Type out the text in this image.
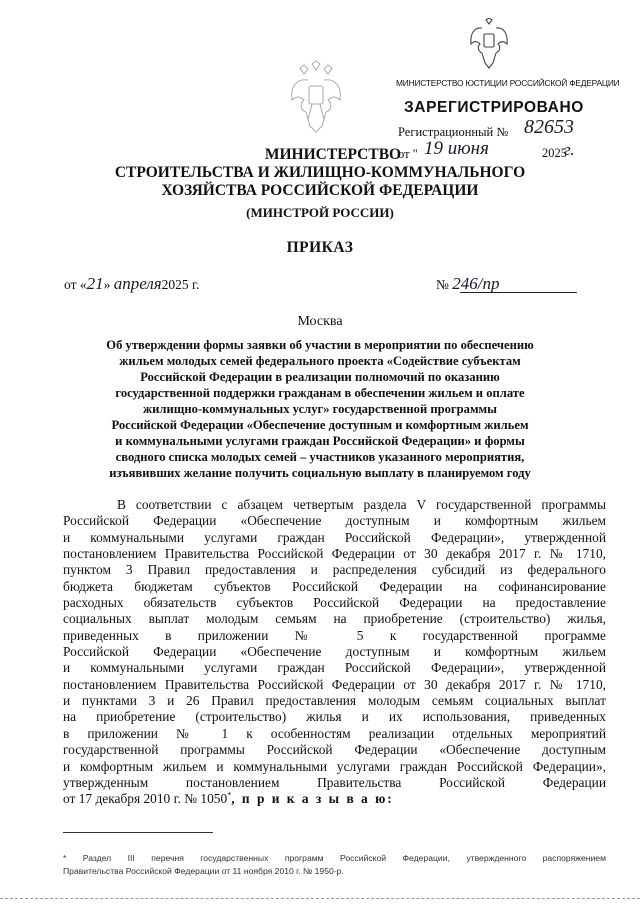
МИНИСТЕРСТВО ЮСТИЦИИ РОССИЙСКОЙ ФЕДЕРАЦИИ
ЗАРЕГИСТРИРОВАНО
Регистрационный № 82653
от " 19 июня	2025
г.
МИНИСТЕРСТВО
СТРОИТЕЛЬСТВА И ЖИЛИЩНО-КОММУНАЛЬНОГО
ХОЗЯЙСТВА РОССИЙСКОЙ ФЕДЕРАЦИИ
(МИНСТРОЙ РОССИИ)
ПРИКАЗ
от «21» апреля2025 г.	№ 246/пр
Москва
Об утверждении формы заявки об участии в мероприятии по обеспечению
жильем молодых семей федерального проекта «Содействие субъектам
Российской Федерации в реализации полномочий по оказанию
государственной поддержки гражданам в обеспечении жильем и оплате
жилищно-коммунальных услуг» государственной программы
Российской Федерации «Обеспечение доступным и комфортным жильем
и коммунальными услугами граждан Российской Федерации» и формы
сводного списка молодых семей – участников указанного мероприятия,
изъявивших желание получить социальную выплату в планируемом году
В соответствии с абзацем четвертым раздела V государственной программы
Российской Федерации «Обеспечение доступным и комфортным жильем
и коммунальными услугами граждан Российской Федерации», утвержденной
постановлением Правительства Российской Федерации от 30 декабря 2017 г. № 1710,
пунктом 3 Правил предоставления и распределения субсидий из федерального
бюджета бюджетам субъектов Российской Федерации на софинансирование
расходных обязательств субъектов Российской Федерации на предоставление
социальных выплат молодым семьям на приобретение (строительство) жилья,
приведенных в приложении № 5 к государственной программе
Российской Федерации «Обеспечение доступным и комфортным жильем
и коммунальными услугами граждан Российской Федерации», утвержденной
постановлением Правительства Российской Федерации от 30 декабря 2017 г. № 1710,
и пунктами 3 и 26 Правил предоставления молодым семьям социальных выплат
на приобретение (строительство) жилья и их использования, приведенных
в приложении № 1 к особенностям реализации отдельных мероприятий
государственной программы Российской Федерации «Обеспечение доступным
и комфортным жильем и коммунальными услугами граждан Российской Федерации»,
утвержденным постановлением Правительства Российской Федерации
от 17 декабря 2010 г. № 1050*, п р и к а з ы в а ю:
* Раздел III перечня государственных программ Российской Федерации, утвержденного распоряжением
Правительства Российской Федерации от 11 ноября 2010 г. № 1950-р.
